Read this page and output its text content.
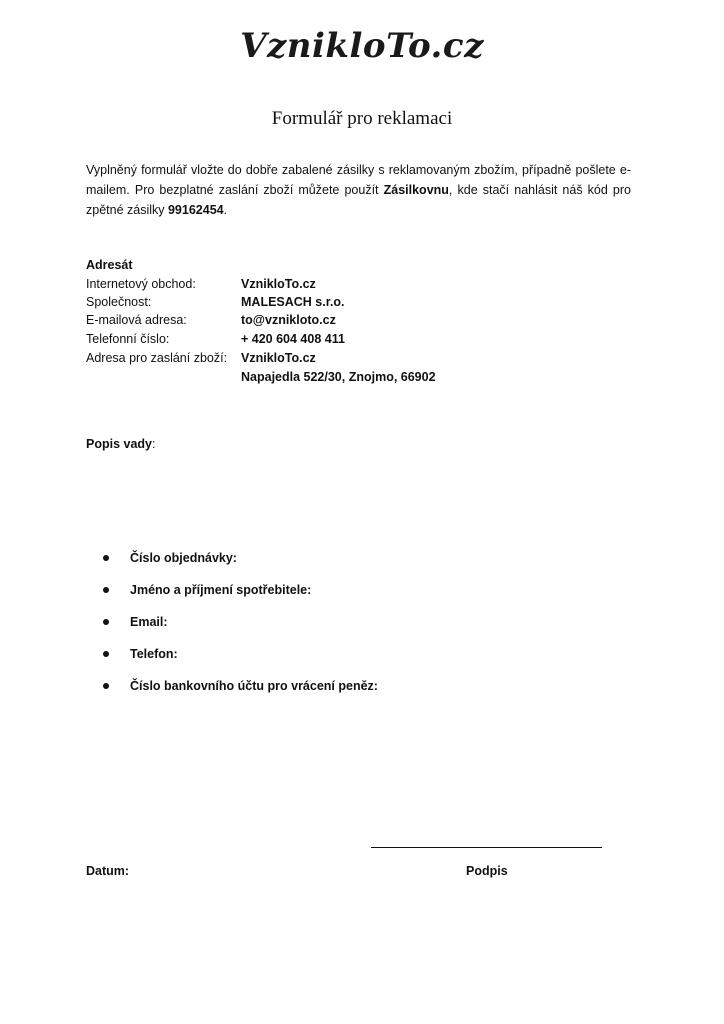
VznikloTo.cz
Formulář pro reklamaci
Vyplněný formulář vložte do dobře zabalené zásilky s reklamovaným zbožím, případně pošlete e-mailem. Pro bezplatné zaslání zboží můžete použít Zásilkovnu, kde stačí nahlásit náš kód pro zpětné zásilky 99162454.
Adresát
Internetový obchod:	VznikloTo.cz
Společnost:	MALESACH s.r.o.
E-mailová adresa:	to@vznikloto.cz
Telefonní číslo:	+ 420 604 408 411
Adresa pro zaslání zboží: VznikloTo.cz
Napajedla 522/30, Znojmo, 66902
Popis vady:
Číslo objednávky:
Jméno a příjmení spotřebitele:
Email:
Telefon:
Číslo bankovního účtu pro vrácení peněz:
Datum:	Podpis
